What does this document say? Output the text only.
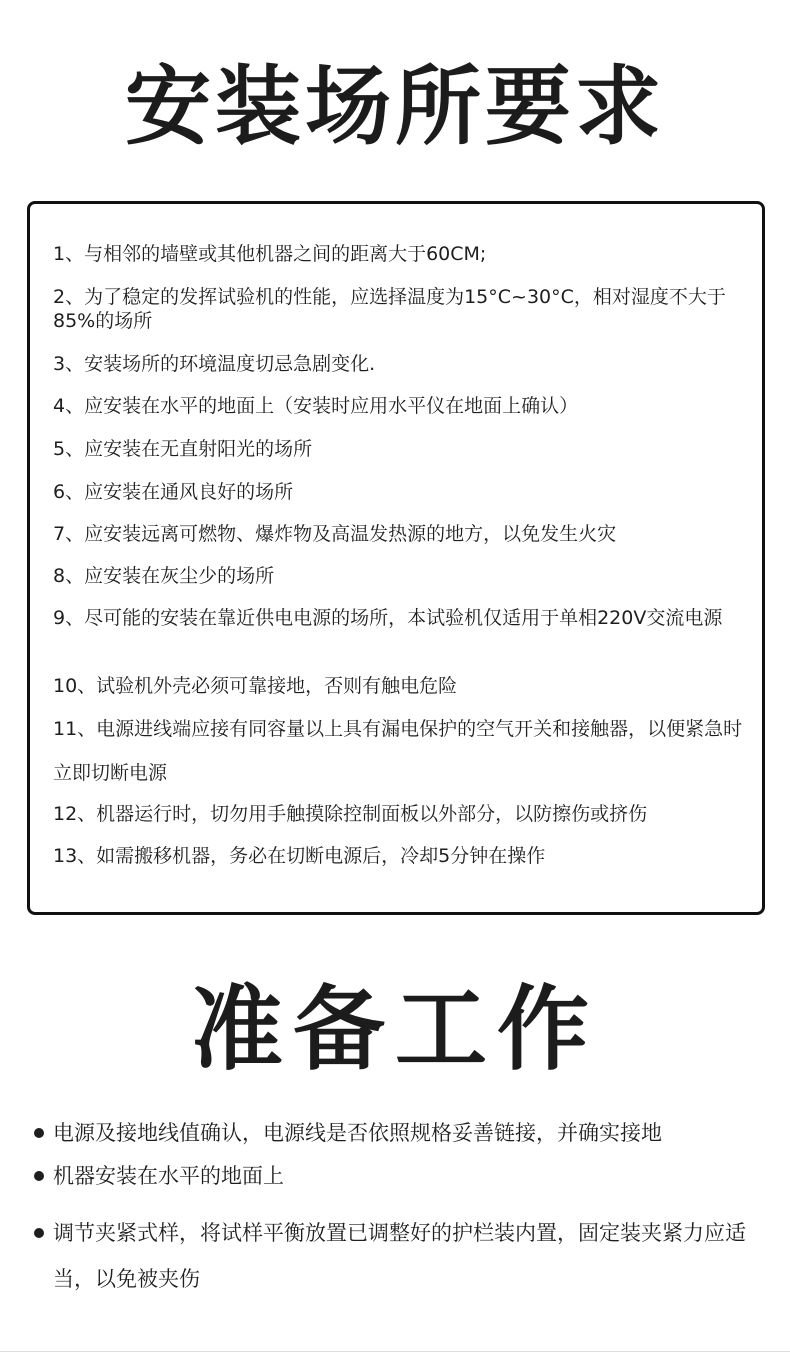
安装场所要求

1、与相邻的墙壁或其他机器之间的距离大于60CM;

2、为了稳定的发挥试验机的性能，应选择温度为15°C~30°C，相对湿度不大于85%的场所

3、安装场所的环境温度切忌急剧变化.

4、应安装在水平的地面上（安装时应用水平仪在地面上确认）

5、应安装在无直射阳光的场所

6、应安装在通风良好的场所

7、应安装远离可燃物、爆炸物及高温发热源的地方，以免发生火灾

8、应安装在灰尘少的场所

9、尽可能的安装在靠近供电电源的场所，本试验机仅适用于单相220V交流电源

10、试验机外壳必须可靠接地，否则有触电危险

11、电源进线端应接有同容量以上具有漏电保护的空气开关和接触器，以便紧急时立即切断电源

12、机器运行时，切勿用手触摸除控制面板以外部分，以防擦伤或挤伤

13、如需搬移机器，务必在切断电源后，冷却5分钟在操作

准备工作
电源及接地线值确认，电源线是否依照规格妥善链接，并确实接地
机器安装在水平的地面上
调节夹紧式样，将试样平衡放置已调整好的护栏装内置，固定装夹紧力应适当，以免被夹伤
